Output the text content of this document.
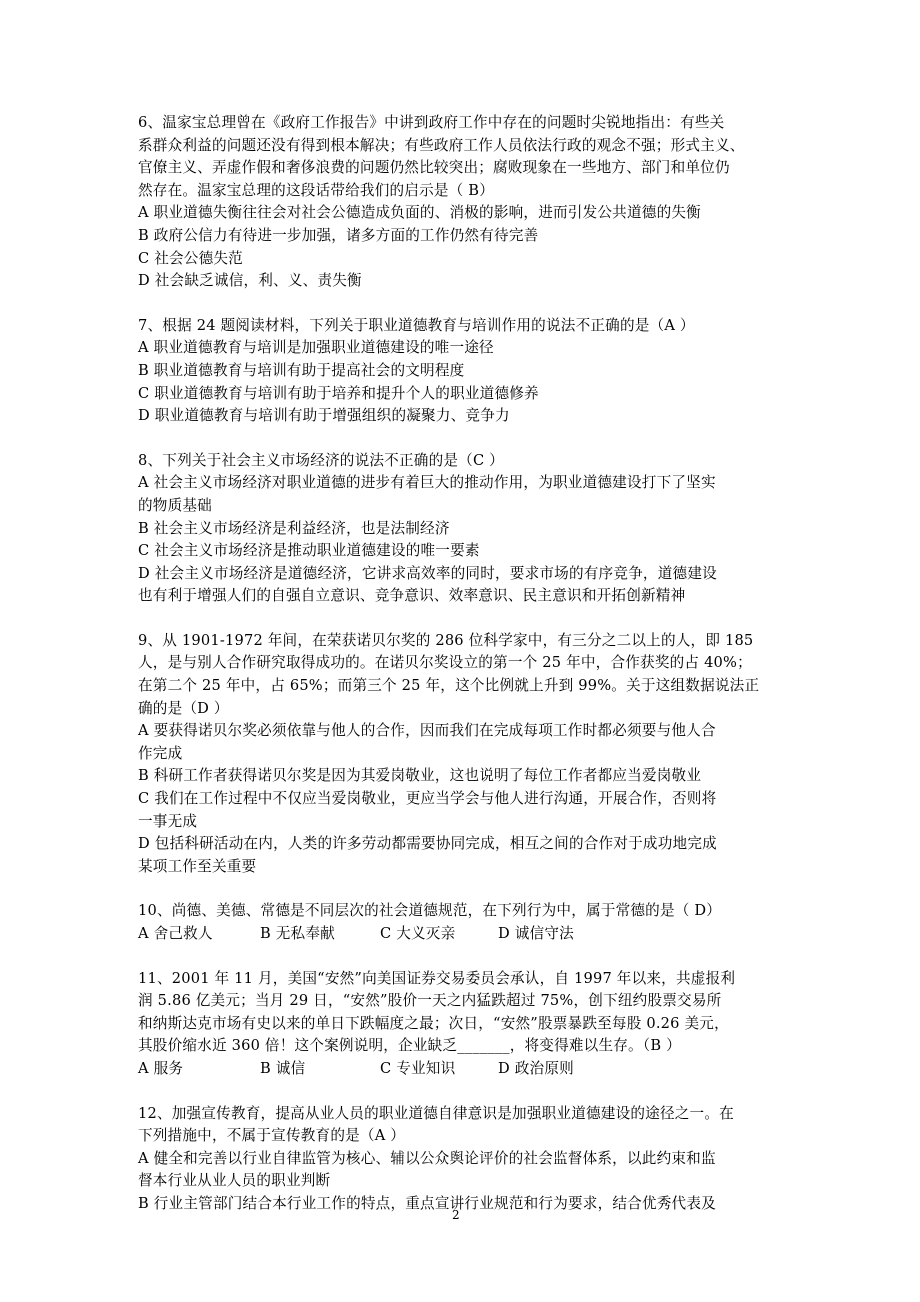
6、温家宝总理曾在《政府工作报告》中讲到政府工作中存在的问题时尖锐地指出：有些关
系群众利益的问题还没有得到根本解决；有些政府工作人员依法行政的观念不强；形式主义、
官僚主义、弄虚作假和奢侈浪费的问题仍然比较突出；腐败现象在一些地方、部门和单位仍
然存在。温家宝总理的这段话带给我们的启示是（ B）
A 职业道德失衡往往会对社会公德造成负面的、消极的影响，进而引发公共道德的失衡
B 政府公信力有待进一步加强，诸多方面的工作仍然有待完善
C 社会公德失范
D 社会缺乏诚信，利、义、责失衡
7、根据 24 题阅读材料，下列关于职业道德教育与培训作用的说法不正确的是（A ）
A 职业道德教育与培训是加强职业道德建设的唯一途径
B 职业道德教育与培训有助于提高社会的文明程度
C 职业道德教育与培训有助于培养和提升个人的职业道德修养
D 职业道德教育与培训有助于增强组织的凝聚力、竞争力
8、下列关于社会主义市场经济的说法不正确的是（C ）
A 社会主义市场经济对职业道德的进步有着巨大的推动作用，为职业道德建设打下了坚实
的物质基础
B 社会主义市场经济是利益经济，也是法制经济
C 社会主义市场经济是推动职业道德建设的唯一要素
D 社会主义市场经济是道德经济，它讲求高效率的同时，要求市场的有序竞争，道德建设
也有利于增强人们的自强自立意识、竞争意识、效率意识、民主意识和开拓创新精神
9、从 1901-1972 年间，在荣获诺贝尔奖的 286 位科学家中，有三分之二以上的人，即 185
人，是与别人合作研究取得成功的。在诺贝尔奖设立的第一个 25 年中，合作获奖的占 40%；
在第二个 25 年中，占 65%；而第三个 25 年，这个比例就上升到 99%。关于这组数据说法正
确的是（D ）
A 要获得诺贝尔奖必须依靠与他人的合作，因而我们在完成每项工作时都必须要与他人合
作完成
B 科研工作者获得诺贝尔奖是因为其爱岗敬业，这也说明了每位工作者都应当爱岗敬业
C 我们在工作过程中不仅应当爱岗敬业，更应当学会与他人进行沟通，开展合作，否则将
一事无成
D 包括科研活动在内，人类的许多劳动都需要协同完成，相互之间的合作对于成功地完成
某项工作至关重要
10、尚德、美德、常德是不同层次的社会道德规范，在下列行为中，属于常德的是（ D）
A 舍己救人	B 无私奉献	C 大义灭亲	D 诚信守法
11、2001 年 11 月，美国“安然”向美国证券交易委员会承认，自 1997 年以来，共虚报利
润 5.86 亿美元；当月 29 日，“安然”股价一天之内猛跌超过 75%，创下纽约股票交易所
和纳斯达克市场有史以来的单日下跌幅度之最；次日，“安然”股票暴跌至每股 0.26 美元，
其股价缩水近 360 倍！这个案例说明，企业缺乏_______，将变得难以生存。（B ）
A 服务	B 诚信	C 专业知识	D 政治原则
12、加强宣传教育，提高从业人员的职业道德自律意识是加强职业道德建设的途径之一。在
下列措施中，不属于宣传教育的是（A ）
A 健全和完善以行业自律监管为核心、辅以公众舆论评价的社会监督体系，以此约束和监
督本行业从业人员的职业判断
B 行业主管部门结合本行业工作的特点，重点宣讲行业规范和行为要求，结合优秀代表及
2
